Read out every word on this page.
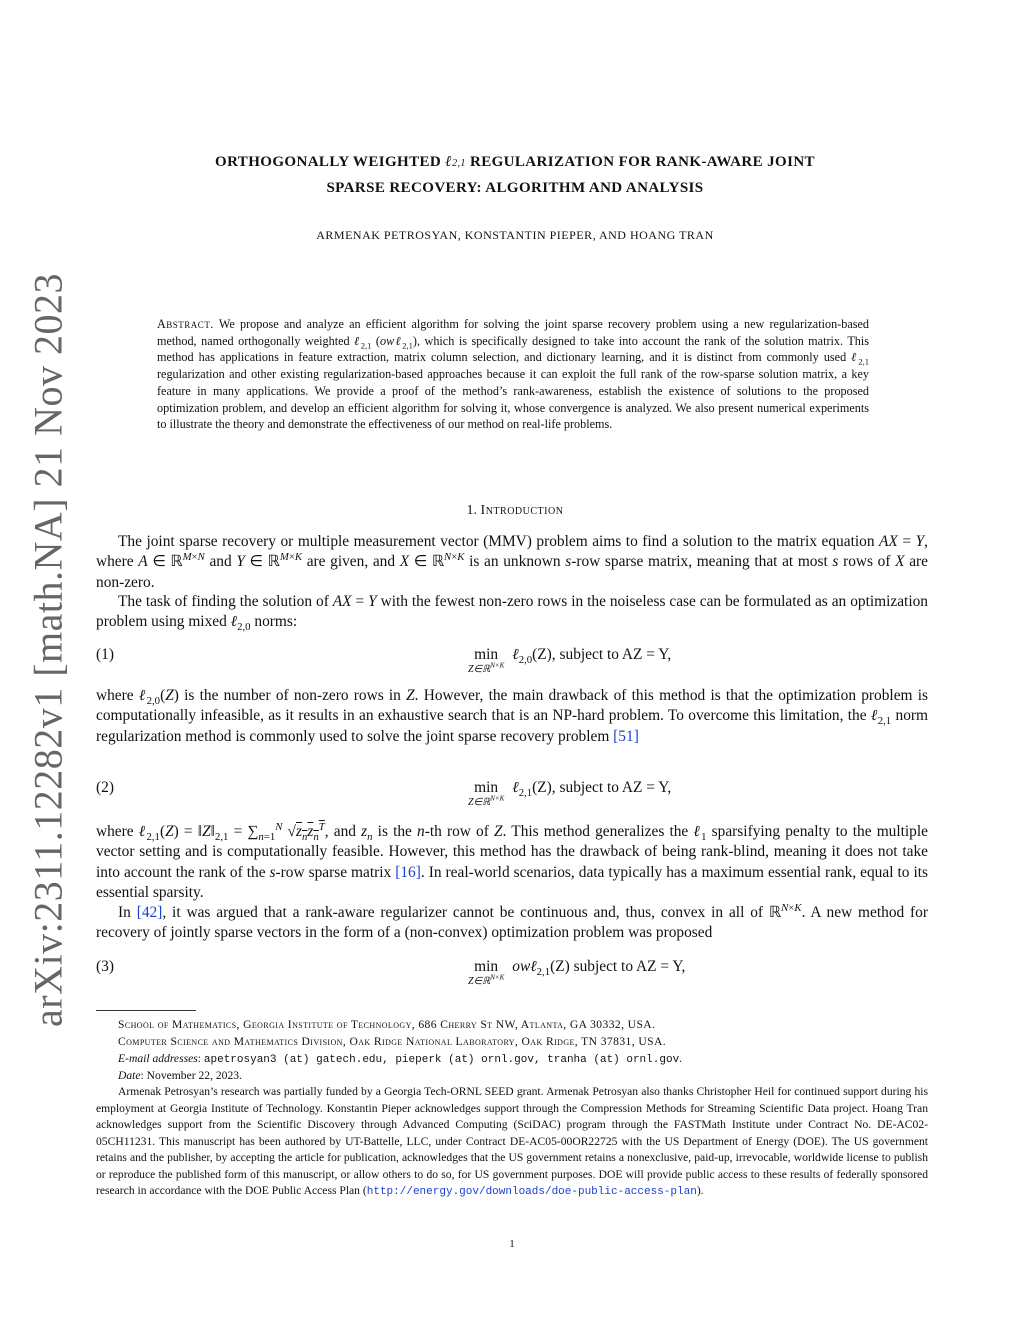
arXiv:2311.12282v1 [math.NA] 21 Nov 2023
ORTHOGONALLY WEIGHTED ℓ2,1 REGULARIZATION FOR RANK-AWARE JOINT
SPARSE RECOVERY: ALGORITHM AND ANALYSIS
ARMENAK PETROSYAN, KONSTANTIN PIEPER, AND HOANG TRAN
Abstract. We propose and analyze an efficient algorithm for solving the joint sparse recovery problem using a new regularization-based method, named orthogonally weighted ℓ$_{2,1}$ (owℓ$_{2,1}$), which is specifically designed to take into account the rank of the solution matrix. This method has applications in feature extraction, matrix column selection, and dictionary learning, and it is distinct from commonly used ℓ$_{2,1}$ regularization and other existing regularization-based approaches because it can exploit the full rank of the row-sparse solution matrix, a key feature in many applications. We provide a proof of the method’s rank-awareness, establish the existence of solutions to the proposed optimization problem, and develop an efficient algorithm for solving it, whose convergence is analyzed. We also present numerical experiments to illustrate the theory and demonstrate the effectiveness of our method on real-life problems.
1. Introduction

The joint sparse recovery or multiple measurement vector (MMV) problem aims to find a solution to the matrix equation AX = Y, where A ∈ ℝ$^{M\times N}$ and Y ∈ ℝ$^{M\times K}$ are given, and X ∈ ℝ$^{N\times K}$ is an unknown s-row sparse matrix, meaning that at most s rows of X are non-zero.

The task of finding the solution of AX = Y with the fewest non-zero rows in the noiseless case can be formulated as an optimization problem using mixed ℓ$_{2,0}$ norms:

(1)	min
Z∈ℝ$^{N\times K}$
ℓ$_{2,0}$(Z), subject to AZ = Y,

where ℓ$_{2,0}$(Z) is the number of non-zero rows in Z. However, the main drawback of this method is that the optimization problem is computationally infeasible, as it results in an exhaustive search that is an NP-hard problem. To overcome this limitation, the ℓ$_{2,1}$ norm regularization method is commonly used to solve the joint sparse recovery problem [51]

(2)	min
Z∈ℝ$^{N\times K}$
ℓ$_{2,1}$(Z), subject to AZ = Y,

where ℓ$_{2,1}$(Z) = $‖Z‖_{2,1} = \sum_{n=1}^N$ $√z_nz_n^T$, and $z_n$ is the n-th row of Z. This method generalizes the ℓ$_1$ sparsifying penalty to the multiple vector setting and is computationally feasible. However, this method has the drawback of being rank-blind, meaning it does not take into account the rank of the s-row sparse matrix [16]. In real-world scenarios, data typically has a maximum essential rank, equal to its essential sparsity.

In [42], it was argued that a rank-aware regularizer cannot be continuous and, thus, convex in all of ℝ$^{N\times K}$. A new method for recovery of jointly sparse vectors in the form of a (non-convex) optimization problem was proposed

(3)	min
Z∈ℝ$^{N\times K}$
owℓ$_{2,1}$(Z) subject to AZ = Y,
School of Mathematics, Georgia Institute of Technology, 686 Cherry St NW, Atlanta, GA 30332, USA.
Computer Science and Mathematics Division, Oak Ridge National Laboratory, Oak Ridge, TN 37831, USA.
E-mail addresses: apetrosyan3 (at) gatech.edu, pieperk (at) ornl.gov, tranha (at) ornl.gov.
Date: November 22, 2023.
Armenak Petrosyan’s research was partially funded by a Georgia Tech-ORNL SEED grant. Armenak Petrosyan also thanks Christopher Heil for continued support during his employment at Georgia Institute of Technology. Konstantin Pieper acknowledges support through the Compression Methods for Streaming Scientific Data project. Hoang Tran acknowledges support from the Scientific Discovery through Advanced Computing (SciDAC) program through the FASTMath Institute under Contract No. DE-AC02-05CH11231. This manuscript has been authored by UT-Battelle, LLC, under Contract DE-AC05-00OR22725 with the US Department of Energy (DOE). The US government retains and the publisher, by accepting the article for publication, acknowledges that the US government retains a nonexclusive, paid-up, irrevocable, worldwide license to publish or reproduce the published form of this manuscript, or allow others to do so, for US government purposes. DOE will provide public access to these results of federally sponsored research in accordance with the DOE Public Access Plan (http://energy.gov/downloads/doe-public-access-plan).
1
